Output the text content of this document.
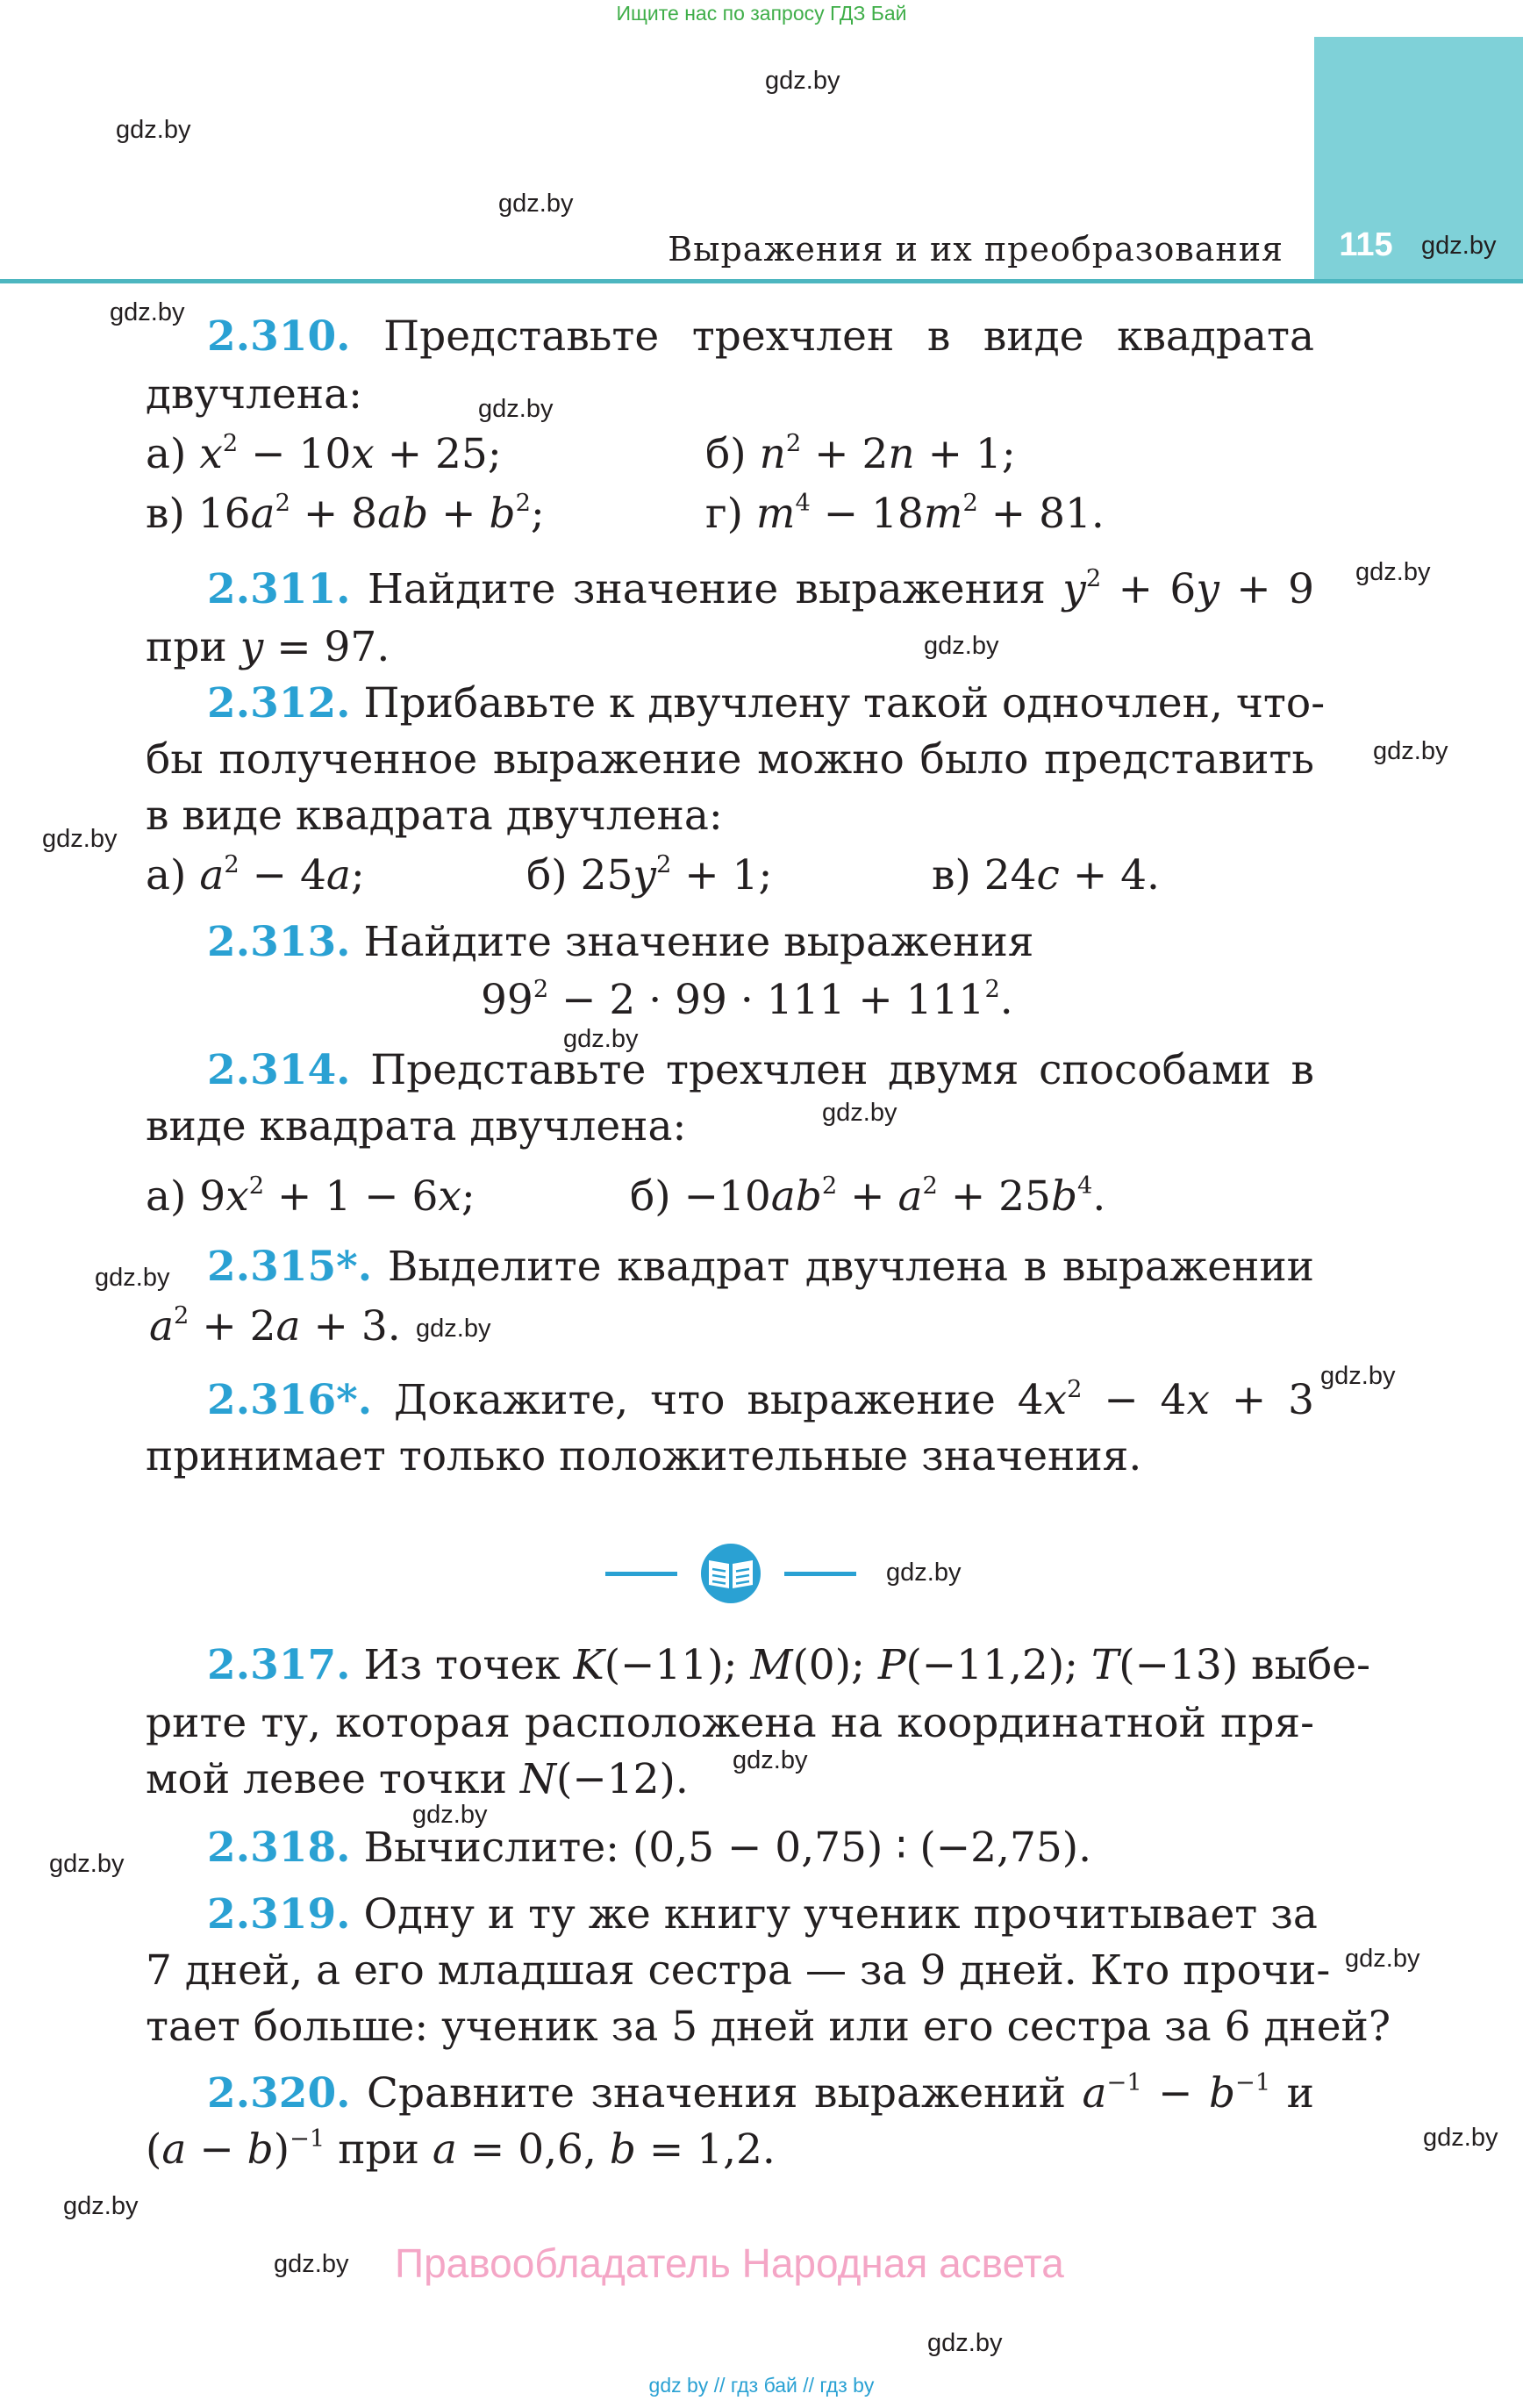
Ищите нас по запросу ГДЗ Бай
115
Выражения и их преобразования
gdz.by
gdz.by
gdz.by
gdz.by
gdz.by
gdz.by
gdz.by
gdz.by
gdz.by
gdz.by
gdz.by
gdz.by
gdz.by
gdz.by
gdz.by
gdz.by
gdz.by
gdz.by
gdz.by
gdz.by
gdz.by
gdz.by
gdz.by
gdz.by
2.310. Представьте трехчлен в виде квадрата
двучлена:
а) $x^2 - 10x + 25$;	б) $n^2 + 2n + 1$;
в) $16a^2 + 8ab + b^2$;	г) $m^4 - 18m^2 + 81$.
2.311. Найдите значение выражения $y^2 + 6y + 9$
при y = 97.
2.312. Прибавьте к двучлену такой одночлен, что-
бы полученное выражение можно было представить
в виде квадрата двучлена:
а) $a^2 - 4a$;	б) $25y^2 + 1$;	в) 24c + 4.
2.313. Найдите значение выражения
$99^2 - 2 \cdot 99 \cdot 111 + 111^2$.
2.314. Представьте трехчлен двумя способами в
виде квадрата двучлена:
а) $9x^2 + 1 - 6x$;	$б) -10ab^2 + a^2 + 25b^4$.
2.315*. Выделите квадрат двучлена в выражении
$a^2 + 2a + 3$.
2.316*. Докажите, что выражение $4x^2 - 4x + 3$
принимает только положительные значения.
2.317. Из точек K(−11); M(0); P(−11,2); T(−13) выбе-
рите ту, которая расположена на координатной пря-
мой левее точки N(−12).
2.318. Вычислите: (0,5 − 0,75) ∶ (−2,75).
2.319. Одну и ту же книгу ученик прочитывает за
7 дней, а его младшая сестра — за 9 дней. Кто прочи-
тает больше: ученик за 5 дней или его сестра за 6 дней?
2.320. Сравните значения выражений $a^{-1} - b^{-1}$ и
$(a - b)^{-1}$ при a = 0,6, b = 1,2.
Правообладатель Народная асвета
gdz by // гдз бай // гдз by
